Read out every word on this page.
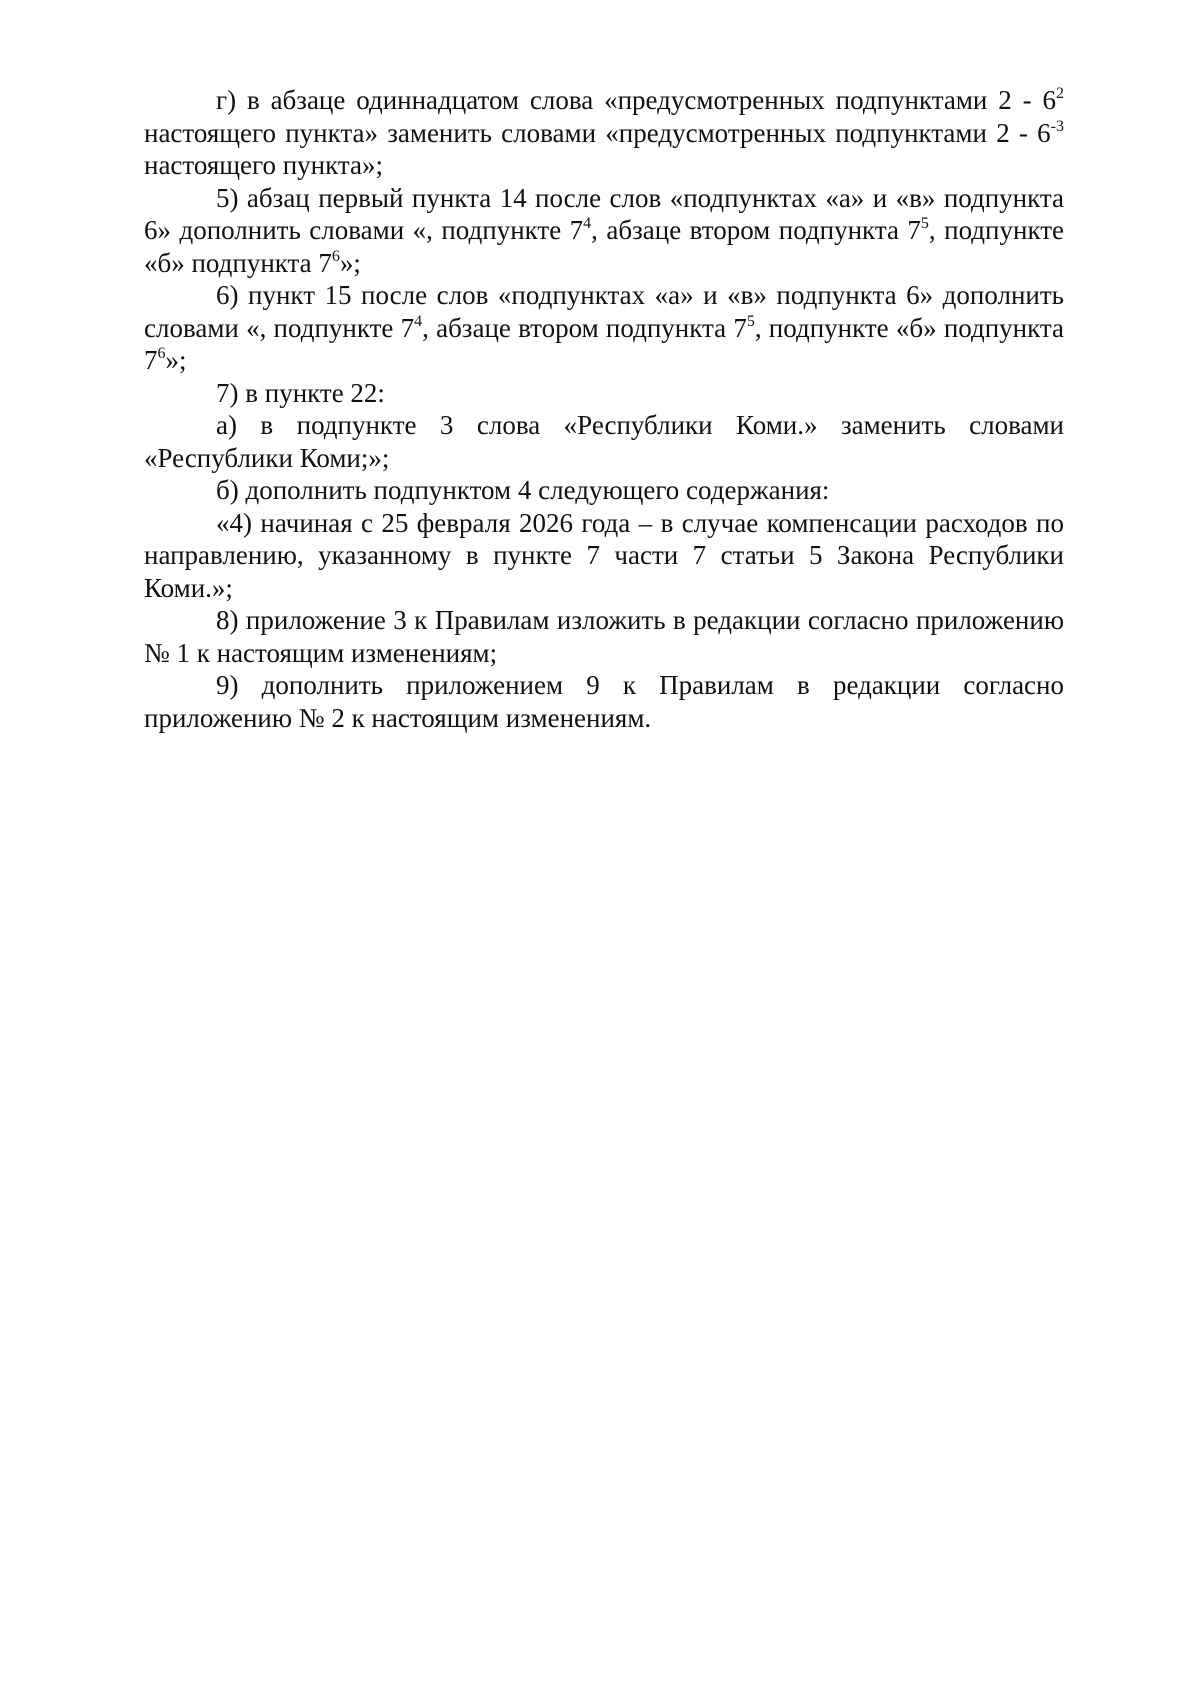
г) в абзаце одиннадцатом слова «предусмотренных подпунктами $2 - 6^2$ настоящего пункта» заменить словами «предусмотренных подпунктами $2 - 6^{-3}$ настоящего пункта»;

5) абзац первый пункта 14 после слов «подпунктах «а» и «в» подпункта 6» дополнить словами «, подпункте $7^4$, абзаце втором подпункта $7^5$, подпункте «б» подпункта $7^6$»;

6) пункт 15 после слов «подпунктах «а» и «в» подпункта 6» дополнить словами «, подпункте $7^4$, абзаце втором подпункта $7^5$, подпункте «б» подпункта $7^6$»;

7) в пункте 22:

а) в подпункте 3 слова «Республики Коми.» заменить словами «Республики Коми;»;

б) дополнить подпунктом 4 следующего содержания:

«4) начиная с 25 февраля 2026 года – в случае компенсации расходов по направлению, указанному в пункте 7 части 7 статьи 5 Закона Республики Коми.»;

8) приложение 3 к Правилам изложить в редакции согласно приложению № 1 к настоящим изменениям;

9) дополнить приложением 9 к Правилам в редакции согласно приложению № 2 к настоящим изменениям.
